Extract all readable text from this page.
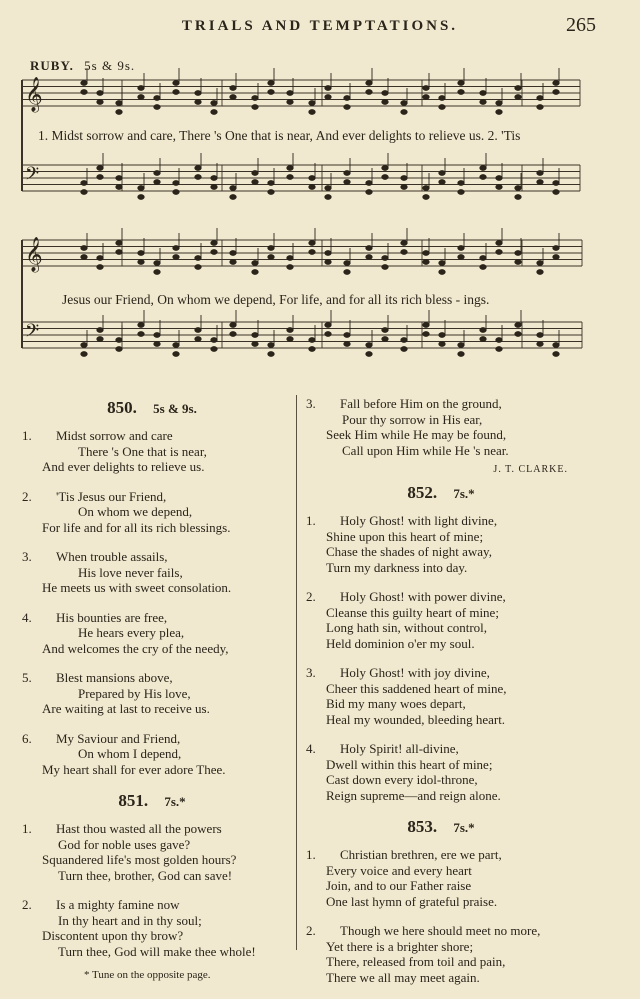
TRIALS AND TEMPTATIONS.	265
RUBY. 5s & 9s.
𝄞
𝄢
𝄞
𝄢
1. Midst sorrow and care, There 's One that is near, And ever delights to relieve us. 2. 'Tis
Jesus our Friend, On whom we depend, For life, and for all its rich bless - ings.
850. 5s & 9s.
1. Midst sorrow and care
There 's One that is near,
And ever delights to relieve us.
2. 'Tis Jesus our Friend,
On whom we depend,
For life and for all its rich blessings.
3. When trouble assails,
His love never fails,
He meets us with sweet consolation.
4. His bounties are free,
He hears every plea,
And welcomes the cry of the needy,
5. Blest mansions above,
Prepared by His love,
Are waiting at last to receive us.
6. My Saviour and Friend,
On whom I depend,
My heart shall for ever adore Thee.
851. 7s.*
1. Hast thou wasted all the powers
God for noble uses gave?
Squandered life's most golden hours?
Turn thee, brother, God can save!
2. Is a mighty famine now
In thy heart and in thy soul;
Discontent upon thy brow?
Turn thee, God will make thee whole!
* Tune on the opposite page.
3. Fall before Him on the ground,
Pour thy sorrow in His ear,
Seek Him while He may be found,
Call upon Him while He 's near.
J. T. CLARKE.
852. 7s.*
1. Holy Ghost! with light divine,
Shine upon this heart of mine;
Chase the shades of night away,
Turn my darkness into day.
2. Holy Ghost! with power divine,
Cleanse this guilty heart of mine;
Long hath sin, without control,
Held dominion o'er my soul.
3. Holy Ghost! with joy divine,
Cheer this saddened heart of mine,
Bid my many woes depart,
Heal my wounded, bleeding heart.
4. Holy Spirit! all-divine,
Dwell within this heart of mine;
Cast down every idol-throne,
Reign supreme—and reign alone.
853. 7s.*
1. Christian brethren, ere we part,
Every voice and every heart
Join, and to our Father raise
One last hymn of grateful praise.
2. Though we here should meet no more,
Yet there is a brighter shore;
There, released from toil and pain,
There we all may meet again.
